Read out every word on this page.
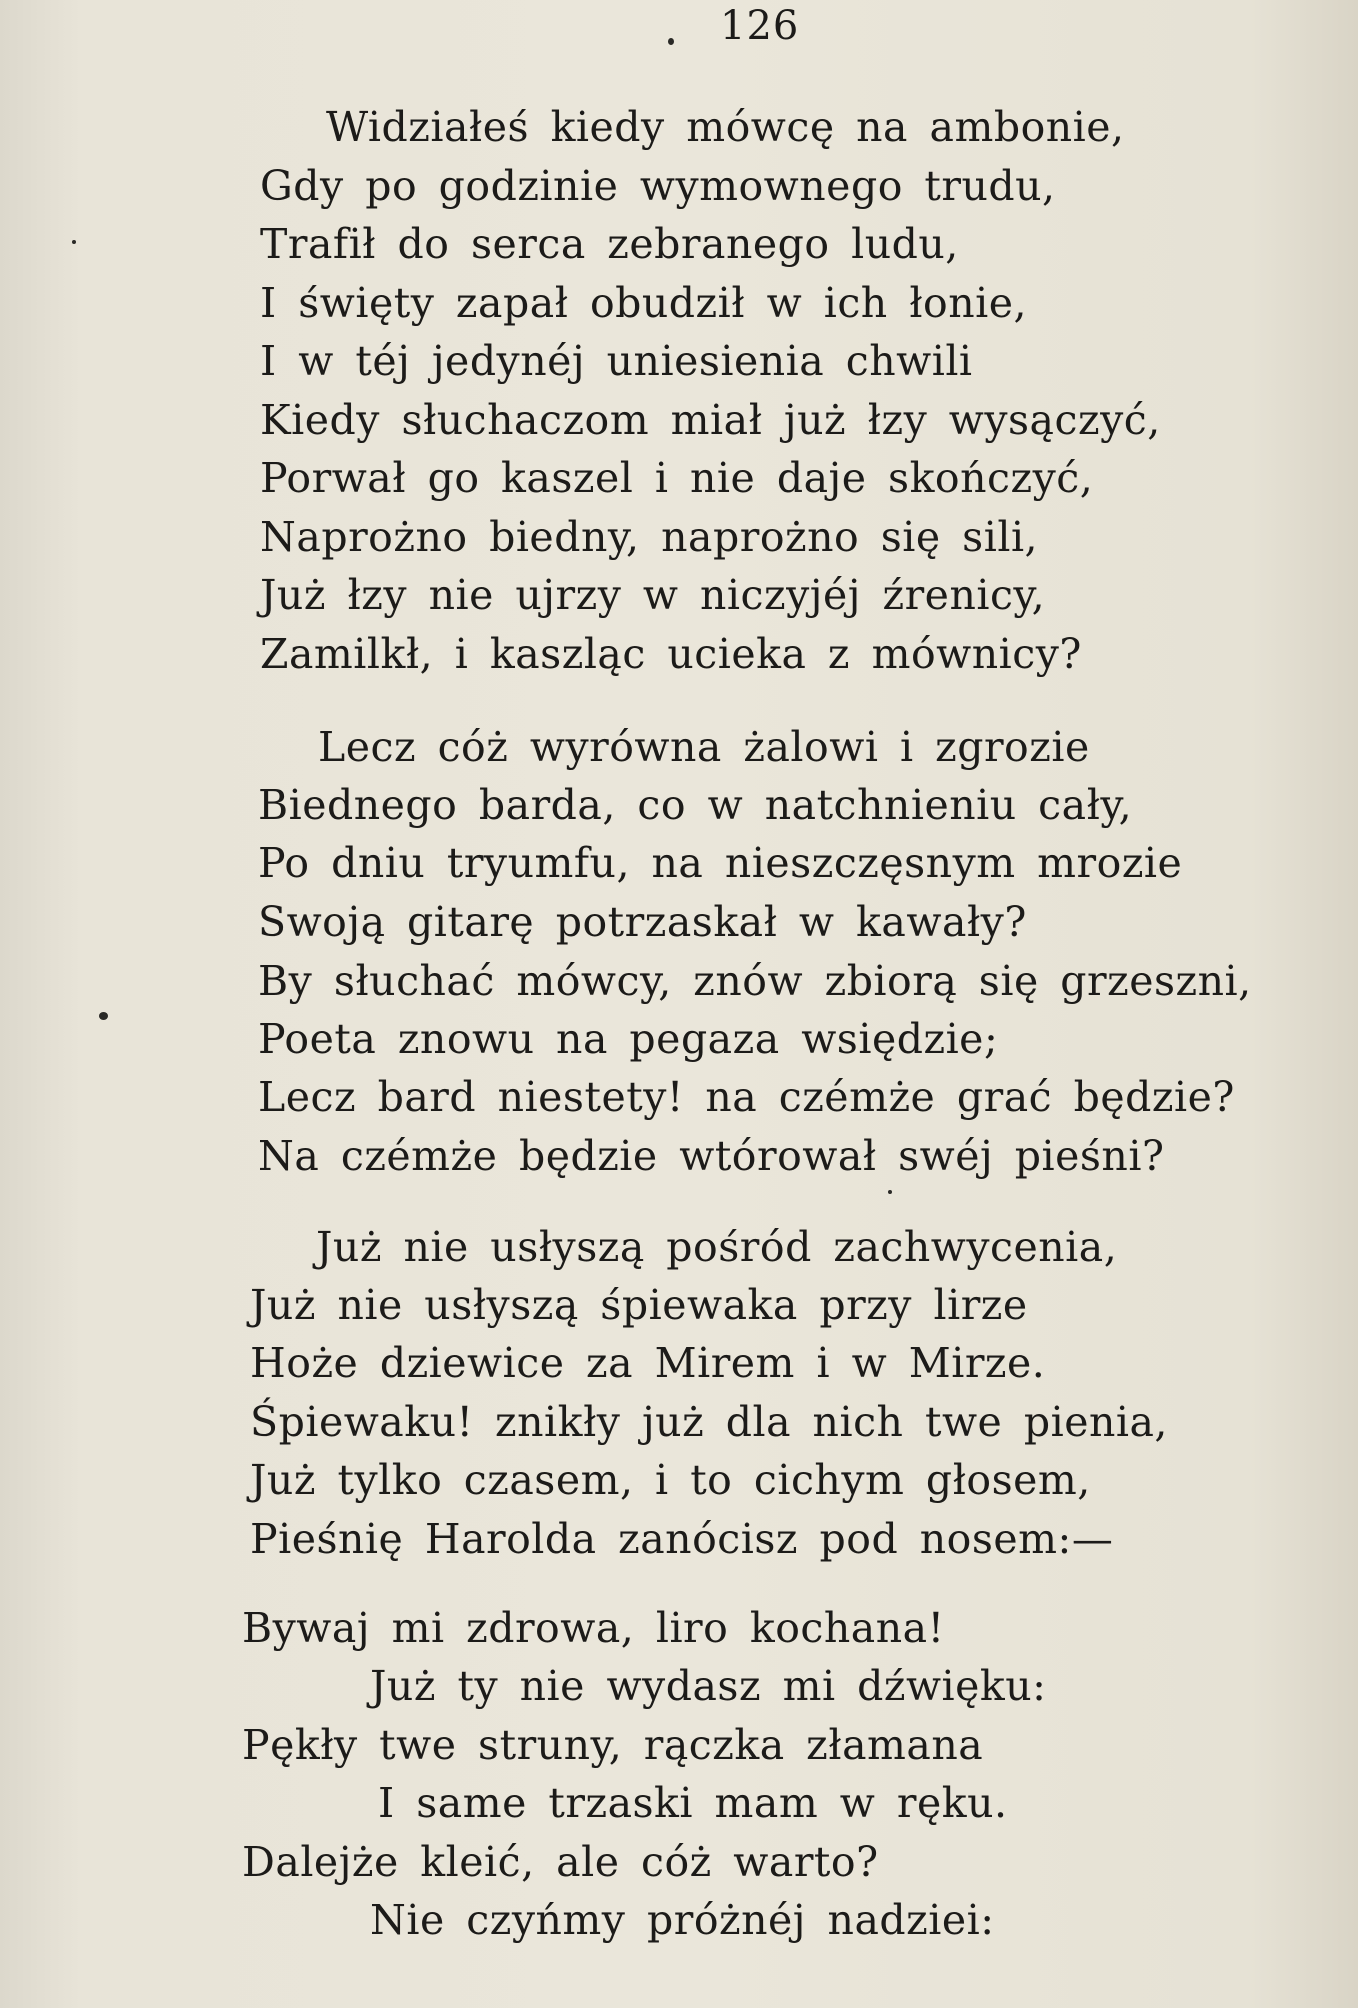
126
Widziałeś kiedy mówcę na ambonie,
Gdy po godzinie wymownego trudu,
Trafił do serca zebranego ludu,
I święty zapał obudził w ich łonie,
I w téj jedynéj uniesienia chwili
Kiedy słuchaczom miał już łzy wysączyć,
Porwał go kaszel i nie daje skończyć,
Naprożno biedny, naprożno się sili,
Już łzy nie ujrzy w niczyjéj źrenicy,
Zamilkł, i kaszląc ucieka z mównicy?
Lecz cóż wyrówna żalowi i zgrozie
Biednego barda, co w natchnieniu cały,
Po dniu tryumfu, na nieszczęsnym mrozie
Swoją gitarę potrzaskał w kawały?
By słuchać mówcy, znów zbiorą się grzeszni,
Poeta znowu na pegaza wsiędzie;
Lecz bard niestety! na czémże grać będzie?
Na czémże będzie wtórował swéj pieśni?
Już nie usłyszą pośród zachwycenia,
Już nie usłyszą śpiewaka przy lirze
Hoże dziewice za Mirem i w Mirze.
Śpiewaku! znikły już dla nich twe pienia,
Już tylko czasem, i to cichym głosem,
Pieśnię Harolda zanócisz pod nosem:—
Bywaj mi zdrowa, liro kochana!
Już ty nie wydasz mi dźwięku:
Pękły twe struny, rączka złamana
I same trzaski mam w ręku.
Dalejże kleić, ale cóż warto?
Nie czyńmy próżnéj nadziei:
